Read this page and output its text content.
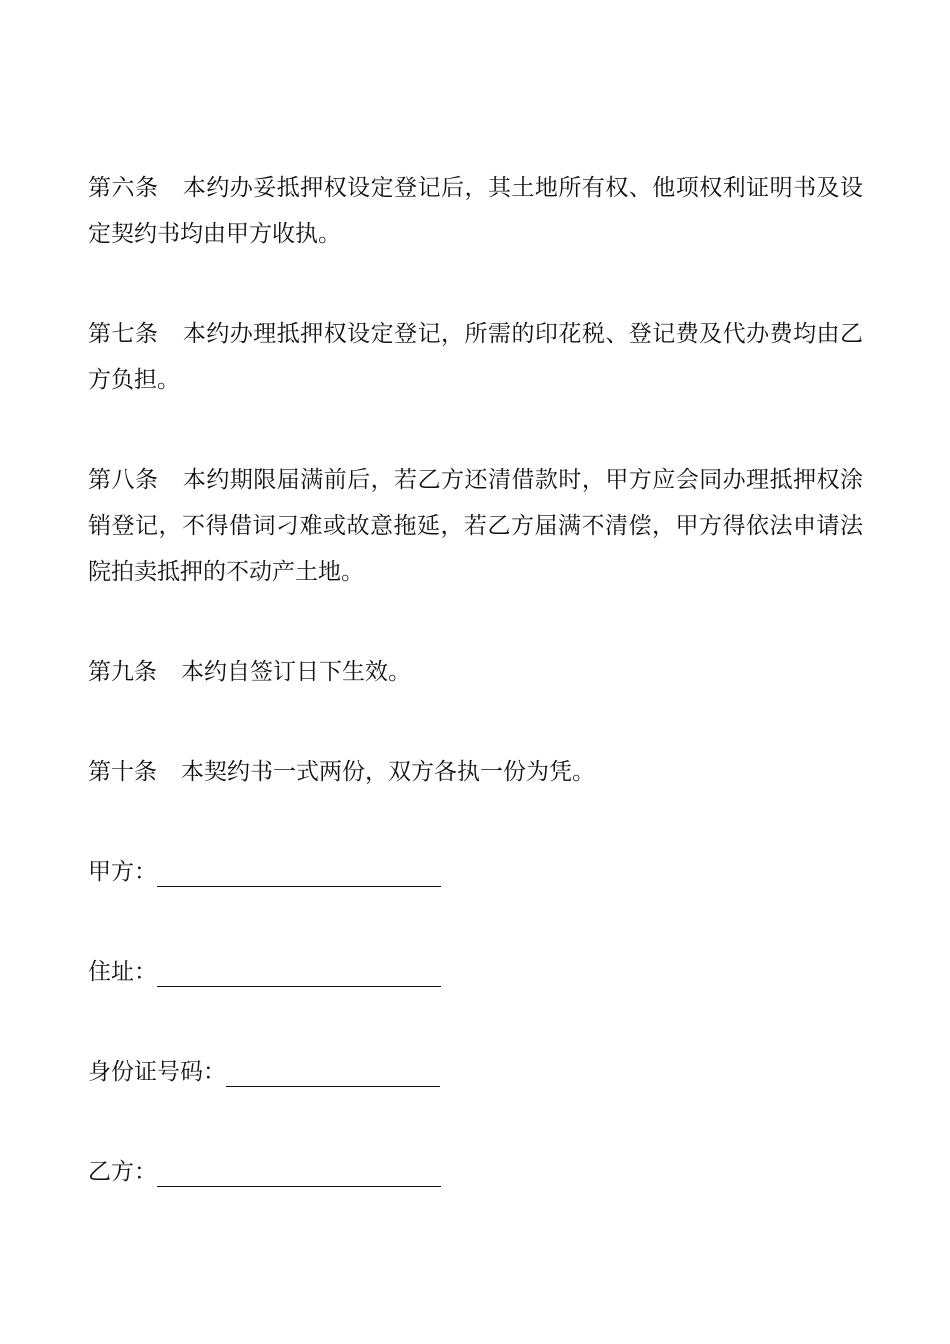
第六条 本约办妥抵押权设定登记后，其土地所有权、他项权利证明书及设定契约书均由甲方收执。

第七条 本约办理抵押权设定登记，所需的印花税、登记费及代办费均由乙方负担。

第八条 本约期限届满前后，若乙方还清借款时，甲方应会同办理抵押权涂销登记，不得借词刁难或故意拖延，若乙方届满不清偿，甲方得依法申请法院拍卖抵押的不动产土地。

第九条 本约自签订日下生效。

第十条 本契约书一式两份，双方各执一份为凭。

甲方：
住址：
身份证号码：
乙方：
